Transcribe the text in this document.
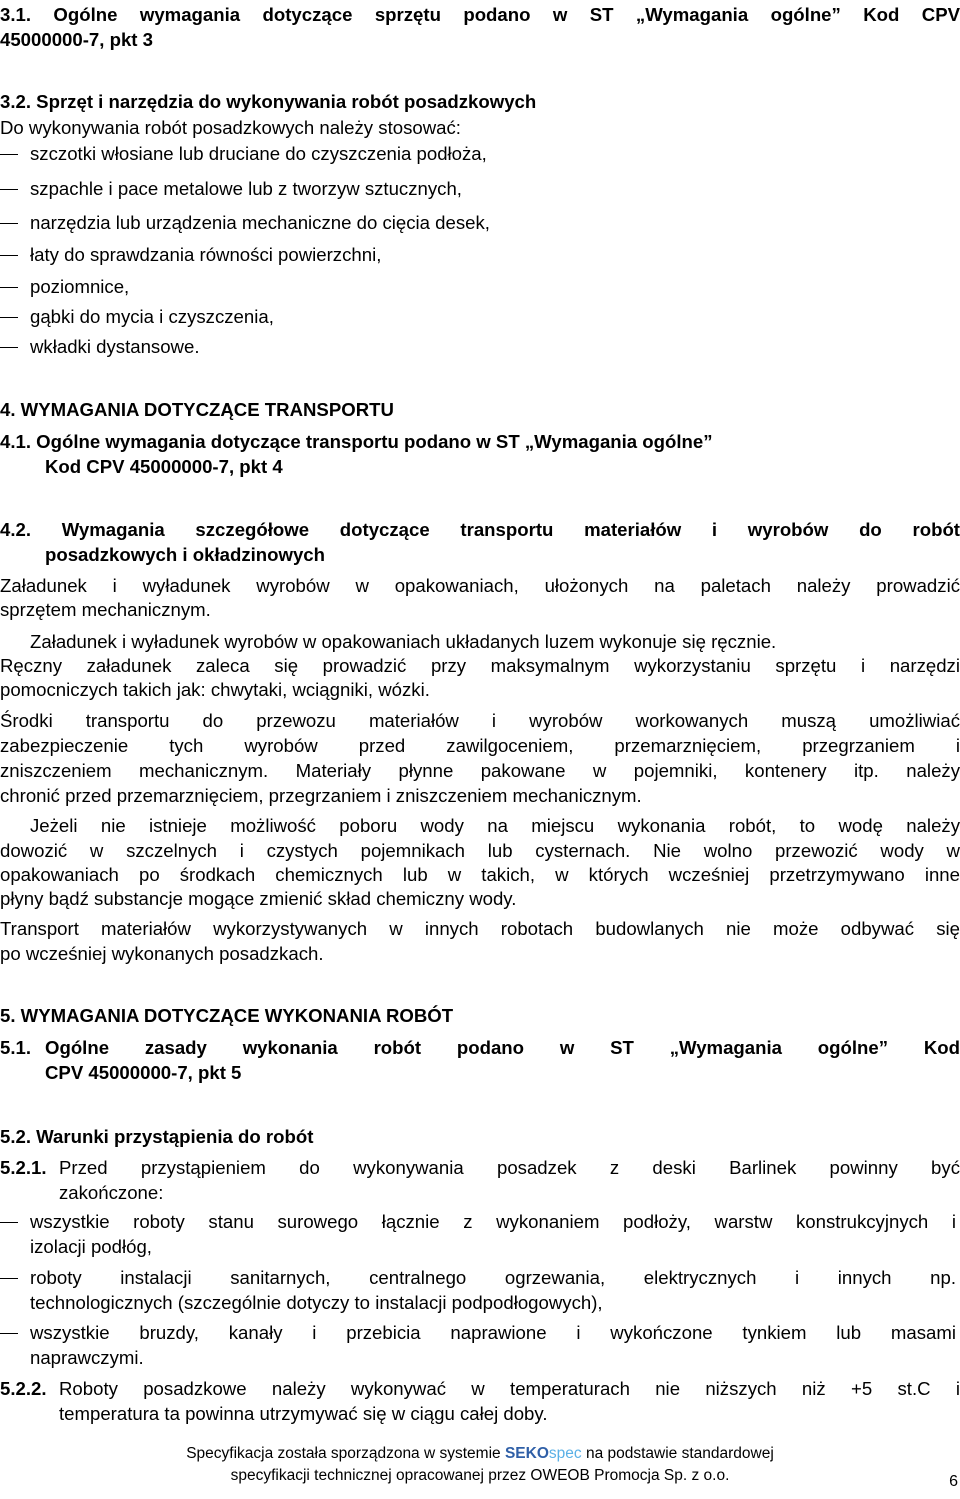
3.1. Ogólne wymagania dotyczące sprzętu podano w ST „Wymagania ogólne” Kod CPV
45000000-7, pkt 3
3.2. Sprzęt i narzędzia do wykonywania robót posadzkowych
Do wykonywania robót posadzkowych należy stosować:
szczotki włosiane lub druciane do czyszczenia podłoża,
szpachle i pace metalowe lub z tworzyw sztucznych,
narzędzia lub urządzenia mechaniczne do cięcia desek,
łaty do sprawdzania równości powierzchni,
poziomnice,
gąbki do mycia i czyszczenia,
wkładki dystansowe.
4. WYMAGANIA DOTYCZĄCE TRANSPORTU
4.1. Ogólne wymagania dotyczące transportu podano w ST „Wymagania ogólne”
Kod CPV 45000000-7, pkt 4
4.2. Wymagania szczegółowe dotyczące transportu materiałów i wyrobów do robót
posadzkowych i okładzinowych
Załadunek i wyładunek wyrobów w opakowaniach, ułożonych na paletach należy prowadzić
sprzętem mechanicznym.
Załadunek i wyładunek wyrobów w opakowaniach układanych luzem wykonuje się ręcznie.
Ręczny załadunek zaleca się prowadzić przy maksymalnym wykorzystaniu sprzętu i narzędzi
pomocniczych takich jak: chwytaki, wciągniki, wózki.
Środki transportu do przewozu materiałów i wyrobów workowanych muszą umożliwiać
zabezpieczenie tych wyrobów przed zawilgoceniem, przemarznięciem, przegrzaniem i
zniszczeniem mechanicznym. Materiały płynne pakowane w pojemniki, kontenery itp. należy
chronić przed przemarznięciem, przegrzaniem i zniszczeniem mechanicznym.
Jeżeli nie istnieje możliwość poboru wody na miejscu wykonania robót, to wodę należy
dowozić w szczelnych i czystych pojemnikach lub cysternach. Nie wolno przewozić wody w
opakowaniach po środkach chemicznych lub w takich, w których wcześniej przetrzymywano inne
płyny bądź substancje mogące zmienić skład chemiczny wody.
Transport materiałów wykorzystywanych w innych robotach budowlanych nie może odbywać się
po wcześniej wykonanych posadzkach.
5. WYMAGANIA DOTYCZĄCE WYKONANIA ROBÓT
5.1. Ogólne zasady wykonania robót podano w ST „Wymagania ogólne” Kod
CPV 45000000-7, pkt 5
5.2. Warunki przystąpienia do robót
5.2.1. Przed przystąpieniem do wykonywania posadzek z deski Barlinek powinny być
zakończone:
wszystkie roboty stanu surowego łącznie z wykonaniem podłoży, warstw konstrukcyjnych i
izolacji podłóg,
roboty instalacji sanitarnych, centralnego ogrzewania, elektrycznych i innych np.
technologicznych (szczególnie dotyczy to instalacji podpodłogowych),
wszystkie bruzdy, kanały i przebicia naprawione i wykończone tynkiem lub masami
naprawczymi.
5.2.2. Roboty posadzkowe należy wykonywać w temperaturach nie niższych niż +5 st.C i
temperatura ta powinna utrzymywać się w ciągu całej doby.
Specyfikacja została sporządzona w systemie SEKOspec na podstawie standardowej
specyfikacji technicznej opracowanej przez OWEOB Promocja Sp. z o.o.	6
